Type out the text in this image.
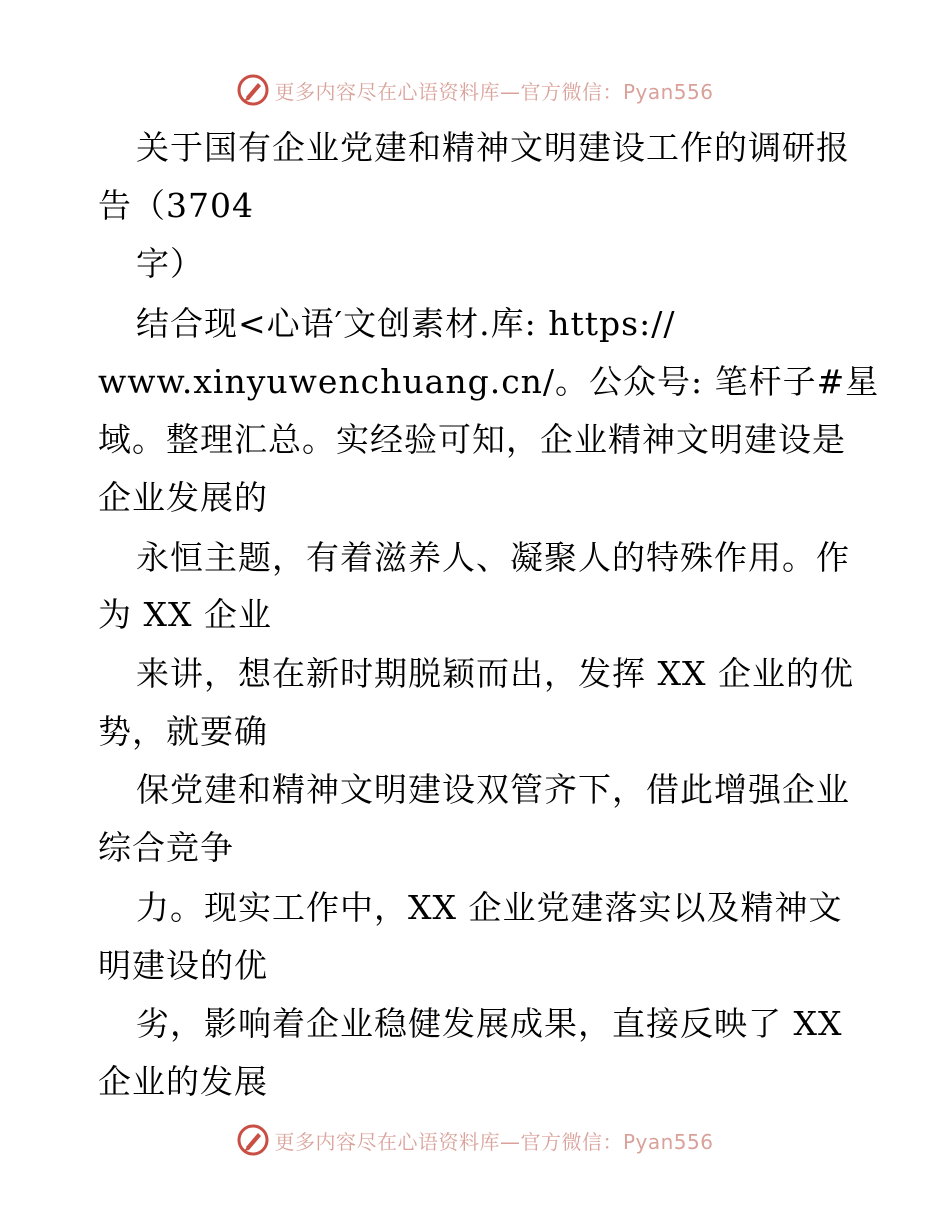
更多内容尽在心语资料库—官方微信：Pyan556
关于国有企业党建和精神文明建设工作的调研报
告（3704
字）
结合现<心语′文创素材.库: https://
www.xinyuwenchuang.cn/。公众号: 笔杆子#星
域。整理汇总。实经验可知，企业精神文明建设是
企业发展的
永恒主题，有着滋养人、凝聚人的特殊作用。作
为 XX 企业
来讲，想在新时期脱颖而出，发挥 XX 企业的优
势，就要确
保党建和精神文明建设双管齐下，借此增强企业
综合竞争
力。现实工作中，XX 企业党建落实以及精神文
明建设的优
劣，影响着企业稳健发展成果，直接反映了 XX
企业的发展
更多内容尽在心语资料库—官方微信：Pyan556
